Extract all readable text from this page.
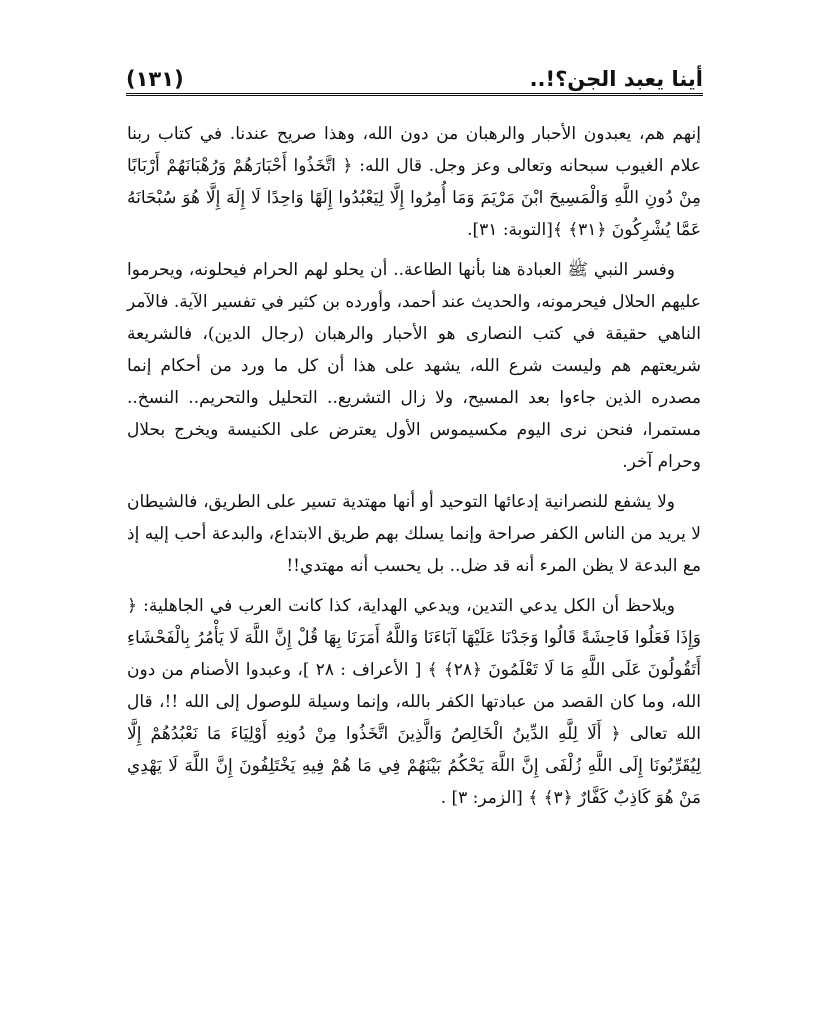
أينا يعبد الجن؟!..
(١٣١)

إنهم هم، يعبدون الأحبار والرهبان من دون الله، وهذا صريح عندنا. في كتاب ربنا علام الغيوب سبحانه وتعالى وعز وجل. قال الله: ﴿ اتَّخَذُوا أَحْبَارَهُمْ وَرُهْبَانَهُمْ أَرْبَابًا مِنْ دُونِ اللَّهِ وَالْمَسِيحَ ابْنَ مَرْيَمَ وَمَا أُمِرُوا إِلَّا لِيَعْبُدُوا إِلَهًا وَاحِدًا لَا إِلَهَ إِلَّا هُوَ سُبْحَانَهُ عَمَّا يُشْرِكُونَ ﴿٣١﴾ ﴾[التوبة: ٣١].

وفسر النبي ﷺ العبادة هنا بأنها الطاعة.. أن يحلو لهم الحرام فيحلونه، ويحرموا عليهم الحلال فيحرمونه، والحديث عند أحمد، وأورده بن كثير في تفسير الآية. فالآمر الناهي حقيقة في كتب النصارى هو الأحبار والرهبان (رجال الدين)، فالشريعة شريعتهم هم وليست شرع الله، يشهد على هذا أن كل ما ورد من أحكام إنما مصدره الذين جاءوا بعد المسيح، ولا زال التشريع.. التحليل والتحريم.. النسخ.. مستمرا، فنحن نرى اليوم مكسيموس الأول يعترض على الكنيسة ويخرج بحلال وحرام آخر.

ولا يشفع للنصرانية إدعائها التوحيد أو أنها مهتدية تسير على الطريق، فالشيطان لا يريد من الناس الكفر صراحة وإنما يسلك بهم طريق الابتداع، والبدعة أحب إليه إذ مع البدعة لا يظن المرء أنه قد ضل.. بل يحسب أنه مهتدي!!

ويلاحظ أن الكل يدعي التدين، ويدعي الهداية، كذا كانت العرب في الجاهلية: ﴿ وَإِذَا فَعَلُوا فَاحِشَةً قَالُوا وَجَدْنَا عَلَيْهَا آبَاءَنَا وَاللَّهُ أَمَرَنَا بِهَا قُلْ إِنَّ اللَّهَ لَا يَأْمُرُ بِالْفَحْشَاءِ أَتَقُولُونَ عَلَى اللَّهِ مَا لَا تَعْلَمُونَ ﴿٢٨﴾ ﴾ [ الأعراف : ٢٨ ]، وعبدوا الأصنام من دون الله، وما كان القصد من عبادتها الكفر بالله، وإنما وسيلة للوصول إلى الله !!، قال الله تعالى ﴿ أَلَا لِلَّهِ الدِّينُ الْخَالِصُ وَالَّذِينَ اتَّخَذُوا مِنْ دُونِهِ أَوْلِيَاءَ مَا نَعْبُدُهُمْ إِلَّا لِيُقَرِّبُونَا إِلَى اللَّهِ زُلْفَى إِنَّ اللَّهَ يَحْكُمُ بَيْنَهُمْ فِي مَا هُمْ فِيهِ يَخْتَلِفُونَ إِنَّ اللَّهَ لَا يَهْدِي مَنْ هُوَ كَاذِبٌ كَفَّارٌ ﴿٣﴾ ﴾ [الزمر: ٣] .
